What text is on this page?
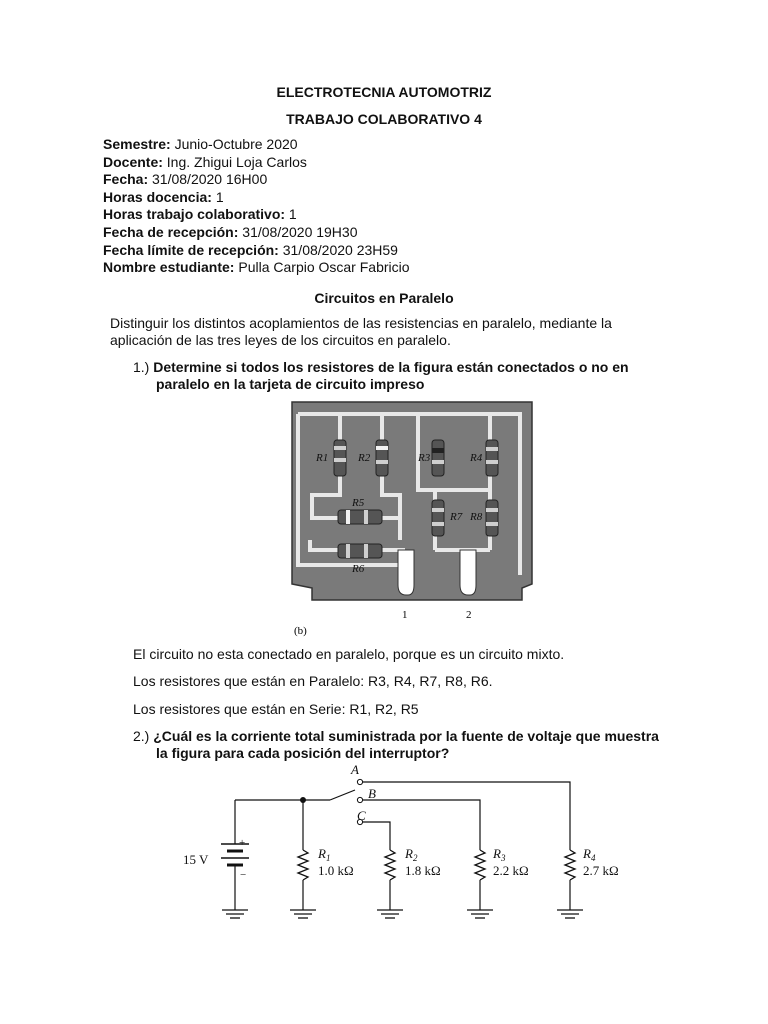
ELECTROTECNIA AUTOMOTRIZ
TRABAJO COLABORATIVO 4
Semestre: Junio-Octubre 2020
Docente: Ing. Zhigui Loja Carlos
Fecha: 31/08/2020 16H00
Horas docencia: 1
Horas trabajo colaborativo: 1
Fecha de recepción: 31/08/2020 19H30
Fecha límite de recepción: 31/08/2020 23H59
Nombre estudiante: Pulla Carpio Oscar Fabricio
Circuitos en Paralelo
Distinguir los distintos acoplamientos de las resistencias en paralelo, mediante la aplicación de las tres leyes de los circuitos en paralelo.
1.) Determine si todos los resistores de la figura están conectados o no en
paralelo en la tarjeta de circuito impreso
R1	R2	R3	R4
R5
R6
R7 R8
1	2
(b)
El circuito no esta conectado en paralelo, porque es un circuito mixto.
Los resistores que están en Paralelo: R3, R4, R7, R8, R6.
Los resistores que están en Serie: R1, R2, R5
2.) ¿Cuál es la corriente total suministrada por la fuente de voltaje que muestra
la figura para cada posición del interruptor?
15 V
+
−
A
B
C
$R_1$
1.0 kΩ
$R_2$
1.8 kΩ
$R_3$
2.2 kΩ
$R_4$
2.7 kΩ
